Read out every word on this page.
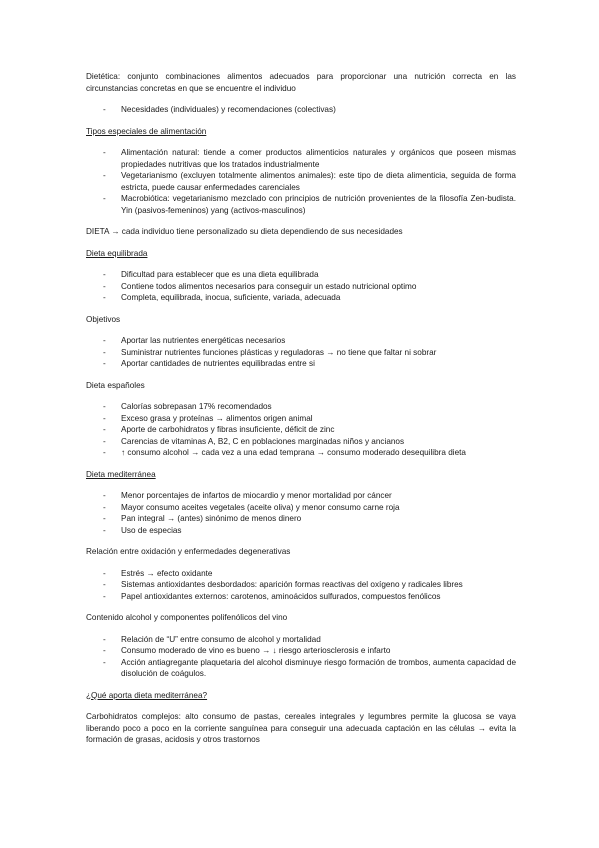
Dietética: conjunto combinaciones alimentos adecuados para proporcionar una nutrición correcta en las circunstancias concretas en que se encuentre el individuo

- Necesidades (individuales) y recomendaciones (colectivas)

Tipos especiales de alimentación

- Alimentación natural: tiende a comer productos alimenticios naturales y orgánicos que poseen mismas propiedades nutritivas que los tratados industrialmente
- Vegetarianismo (excluyen totalmente alimentos animales): este tipo de dieta alimenticia, seguida de forma estricta, puede causar enfermedades carenciales
- Macrobiótica: vegetarianismo mezclado con principios de nutrición provenientes de la filosofía Zen-budista. Yin (pasivos-femeninos) yang (activos-masculinos)

DIETA → cada individuo tiene personalizado su dieta dependiendo de sus necesidades

Dieta equilibrada

- Dificultad para establecer que es una dieta equilibrada
- Contiene todos alimentos necesarios para conseguir un estado nutricional optimo
- Completa, equilibrada, inocua, suficiente, variada, adecuada

Objetivos

- Aportar las nutrientes energéticas necesarios
- Suministrar nutrientes funciones plásticas y reguladoras → no tiene que faltar ni sobrar
- Aportar cantidades de nutrientes equilibradas entre si

Dieta españoles

- Calorías sobrepasan 17% recomendados
- Exceso grasa y proteínas → alimentos origen animal
- Aporte de carbohidratos y fibras insuficiente, déficit de zinc
- Carencias de vitaminas A, B2, C en poblaciones marginadas niños y ancianos
- ↑ consumo alcohol → cada vez a una edad temprana → consumo moderado desequilibra dieta

Dieta mediterránea

- Menor porcentajes de infartos de miocardio y menor mortalidad por cáncer
- Mayor consumo aceites vegetales (aceite oliva) y menor consumo carne roja
- Pan integral → (antes) sinónimo de menos dinero
- Uso de especias

Relación entre oxidación y enfermedades degenerativas

- Estrés → efecto oxidante
- Sistemas antioxidantes desbordados: aparición formas reactivas del oxígeno y radicales libres
- Papel antioxidantes externos: carotenos, aminoácidos sulfurados, compuestos fenólicos

Contenido alcohol y componentes polifenólicos del vino

- Relación de “U” entre consumo de alcohol y mortalidad
- Consumo moderado de vino es bueno → ↓ riesgo arteriosclerosis e infarto
- Acción antiagregante plaquetaria del alcohol disminuye riesgo formación de trombos, aumenta capacidad de disolución de coágulos.

¿Qué aporta dieta mediterránea?

Carbohidratos complejos: alto consumo de pastas, cereales integrales y legumbres permite la glucosa se vaya liberando poco a poco en la corriente sanguínea para conseguir una adecuada captación en las células → evita la formación de grasas, acidosis y otros trastornos
